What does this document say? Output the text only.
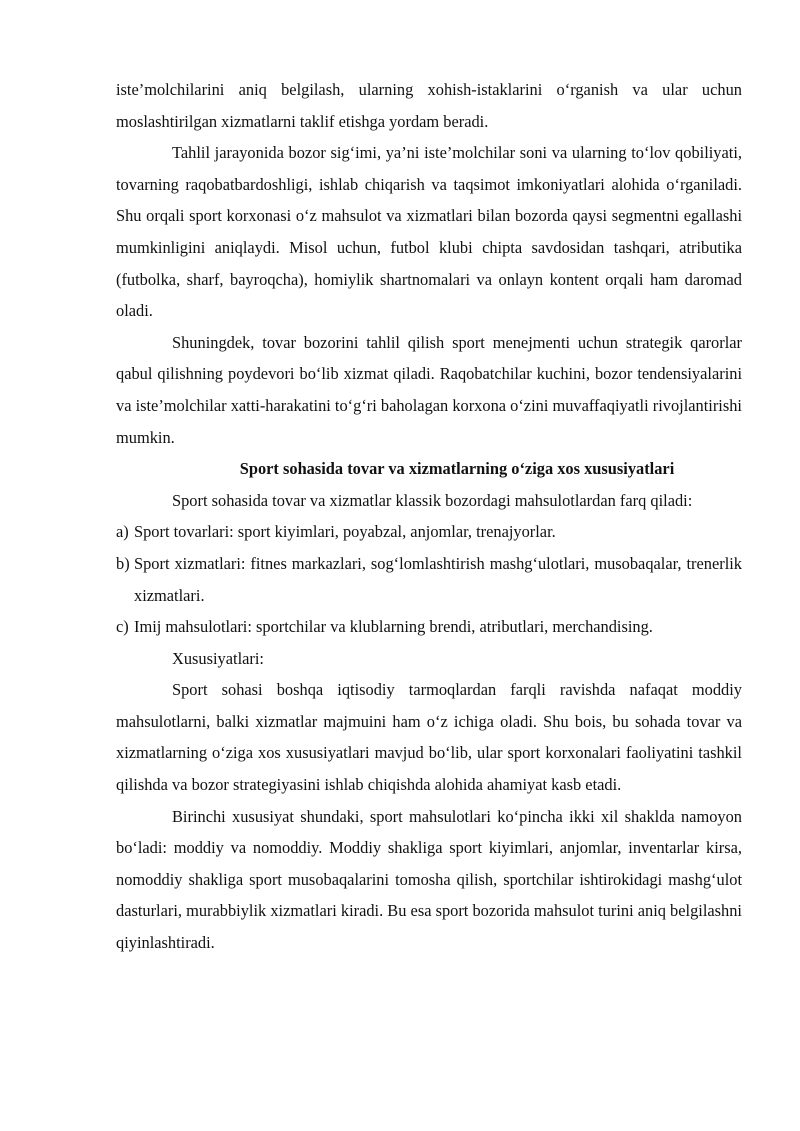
iste’molchilarini aniq belgilash, ularning xohish-istaklarini o‘rganish va ular uchun moslashtirilgan xizmatlarni taklif etishga yordam beradi.

Tahlil jarayonida bozor sig‘imi, ya’ni iste’molchilar soni va ularning to‘lov qobiliyati, tovarning raqobatbardoshligi, ishlab chiqarish va taqsimot imkoniyatlari alohida o‘rganiladi. Shu orqali sport korxonasi o‘z mahsulot va xizmatlari bilan bozorda qaysi segmentni egallashi mumkinligini aniqlaydi. Misol uchun, futbol klubi chipta savdosidan tashqari, atributika (futbolka, sharf, bayroqcha), homiylik shartnomalari va onlayn kontent orqali ham daromad oladi.

Shuningdek, tovar bozorini tahlil qilish sport menejmenti uchun strategik qarorlar qabul qilishning poydevori bo‘lib xizmat qiladi. Raqobatchilar kuchini, bozor tendensiyalarini va iste’molchilar xatti-harakatini to‘g‘ri baholagan korxona o‘zini muvaffaqiyatli rivojlantirishi mumkin.

Sport sohasida tovar va xizmatlarning o‘ziga xos xususiyatlari

Sport sohasida tovar va xizmatlar klassik bozordagi mahsulotlardan farq qiladi:

a) Sport tovarlari: sport kiyimlari, poyabzal, anjomlar, trenajyorlar.
b) Sport xizmatlari: fitnes markazlari, sog‘lomlashtirish mashg‘ulotlari, musobaqalar, trenerlik xizmatlari.
c) Imij mahsulotlari: sportchilar va klublarning brendi, atributlari, merchandising.

Xususiyatlari:

Sport sohasi boshqa iqtisodiy tarmoqlardan farqli ravishda nafaqat moddiy mahsulotlarni, balki xizmatlar majmuini ham o‘z ichiga oladi. Shu bois, bu sohada tovar va xizmatlarning o‘ziga xos xususiyatlari mavjud bo‘lib, ular sport korxonalari faoliyatini tashkil qilishda va bozor strategiyasini ishlab chiqishda alohida ahamiyat kasb etadi.

Birinchi xususiyat shundaki, sport mahsulotlari ko‘pincha ikki xil shaklda namoyon bo‘ladi: moddiy va nomoddiy. Moddiy shakliga sport kiyimlari, anjomlar, inventarlar kirsa, nomoddiy shakliga sport musobaqalarini tomosha qilish, sportchilar ishtirokidagi mashg‘ulot dasturlari, murabbiylik xizmatlari kiradi. Bu esa sport bozorida mahsulot turini aniq belgilashni qiyinlashtiradi.
